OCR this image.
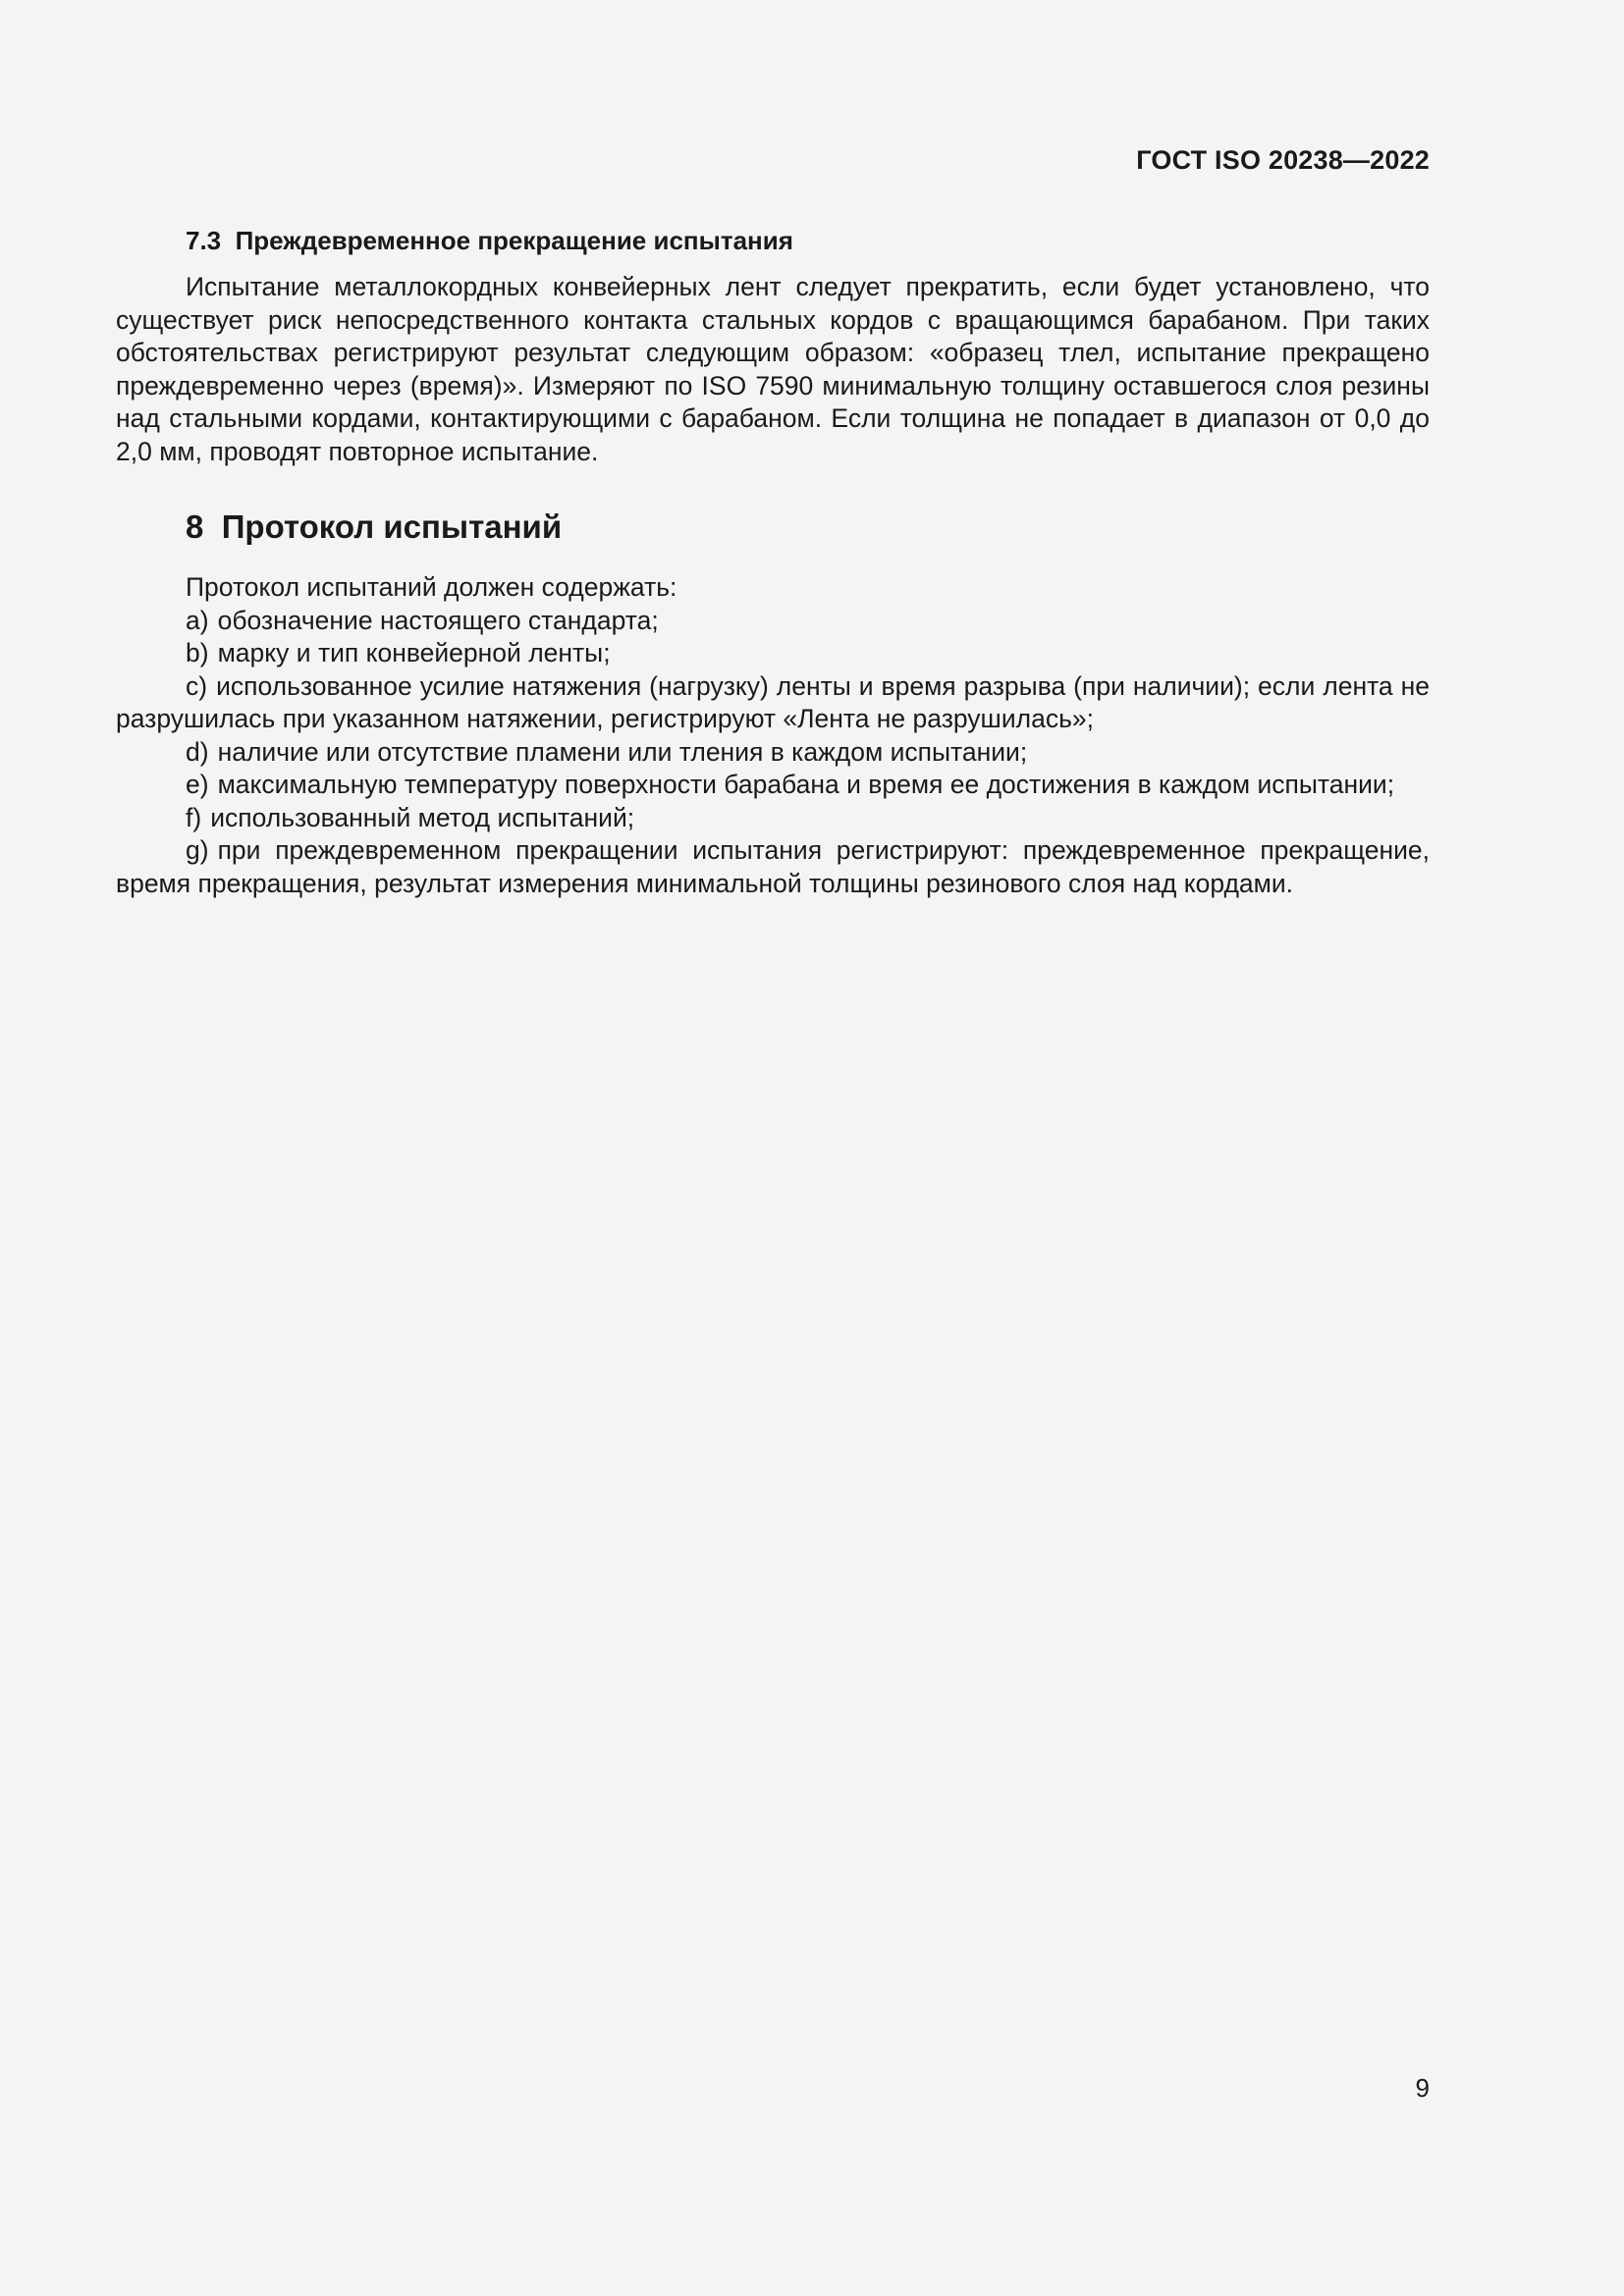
ГОСТ ISO 20238—2022
7.3  Преждевременное прекращение испытания

Испытание металлокордных конвейерных лент следует прекратить, если будет установлено, что существует риск непосредственного контакта стальных кордов с вращающимся барабаном. При таких обстоятельствах регистрируют результат следующим образом: «образец тлел, испытание прекращено преждевременно через (время)». Измеряют по ISO 7590 минимальную толщину оставшегося слоя резины над стальными кордами, контактирующими с барабаном. Если толщина не попадает в диапазон от 0,0 до 2,0 мм, проводят повторное испытание.

8  Протокол испытаний

Протокол испытаний должен содержать:

a) обозначение настоящего стандарта;

b) марку и тип конвейерной ленты;

c) использованное усилие натяжения (нагрузку) ленты и время разрыва (при наличии); если лента не разрушилась при указанном натяжении, регистрируют «Лента не разрушилась»;

d) наличие или отсутствие пламени или тления в каждом испытании;

e) максимальную температуру поверхности барабана и время ее достижения в каждом испытании;

f) использованный метод испытаний;

g) при преждевременном прекращении испытания регистрируют: преждевременное прекращение, время прекращения, результат измерения минимальной толщины резинового слоя над кордами.

9
